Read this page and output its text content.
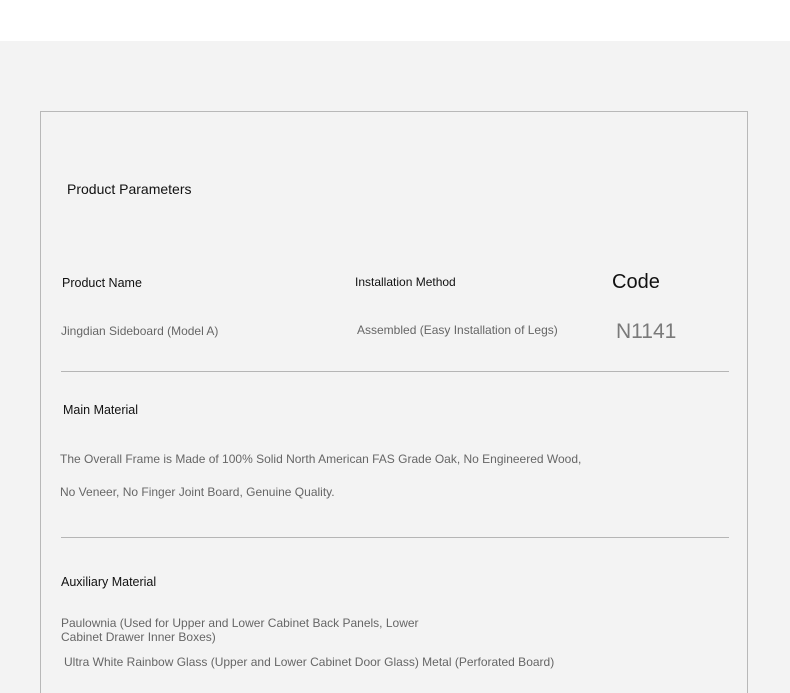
Product Parameters
Product Name
Jingdian Sideboard (Model A)
Installation Method
Assembled (Easy Installation of Legs)
Code
N1141
Main Material
The Overall Frame is Made of 100% Solid North American FAS Grade Oak, No Engineered Wood,
No Veneer, No Finger Joint Board, Genuine Quality.
Auxiliary Material
Paulownia (Used for Upper and Lower Cabinet Back Panels, Lower
Cabinet Drawer Inner Boxes)
Ultra White Rainbow Glass (Upper and Lower Cabinet Door Glass) Metal (Perforated Board)
